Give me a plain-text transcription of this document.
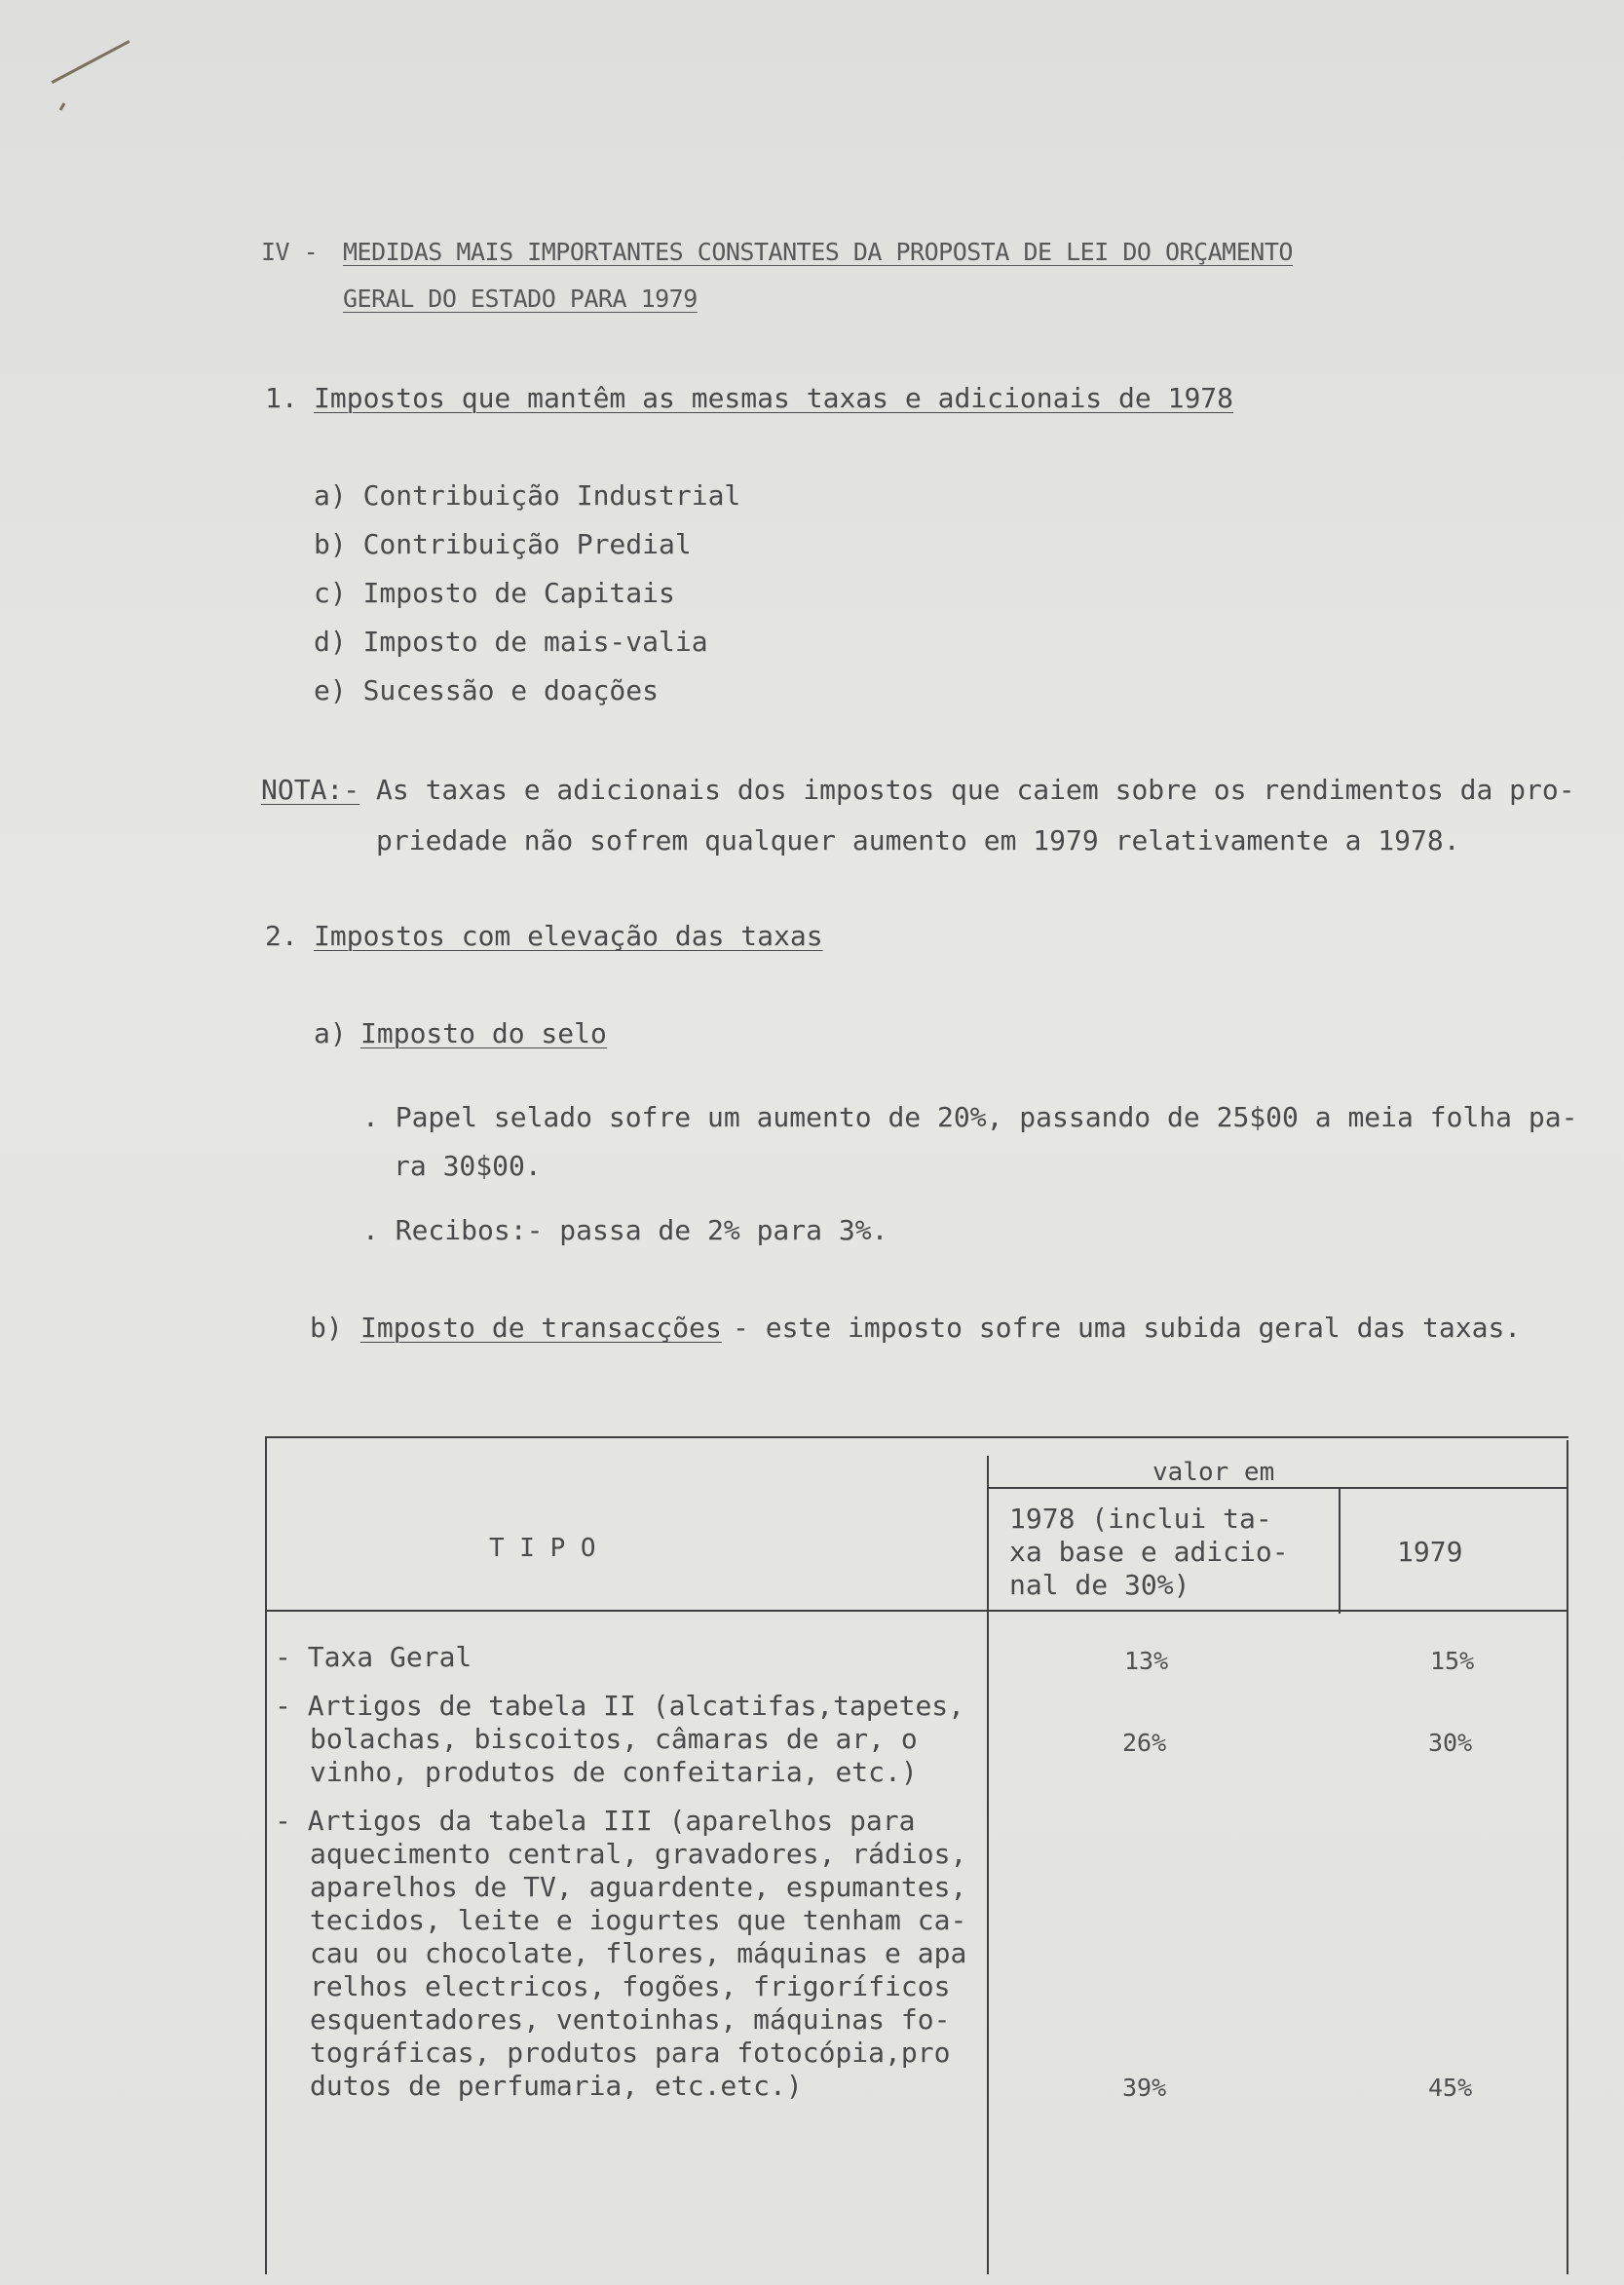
IV - MEDIDAS MAIS IMPORTANTES CONSTANTES DA PROPOSTA DE LEI DO ORÇAMENTO
GERAL DO ESTADO PARA 1979
1. Impostos que mantêm as mesmas taxas e adicionais de 1978
a) Contribuição Industrial
b) Contribuição Predial
c) Imposto de Capitais
d) Imposto de mais-valia
e) Sucessão e doações
NOTA:- As taxas e adicionais dos impostos que caiem sobre os rendimentos da pro-
priedade não sofrem qualquer aumento em 1979 relativamente a 1978.
2. Impostos com elevação das taxas
a) Imposto do selo
. Papel selado sofre um aumento de 20%, passando de 25$00 a meia folha pa-
ra 30$00.
. Recibos:- passa de 2% para 3%.
b) Imposto de transacções - este imposto sofre uma subida geral das taxas.
valor em
T I P O
1978 (inclui ta-
xa base e adicio-
nal de 30%)
1979
- Taxa Geral	13%	15%
- Artigos de tabela II (alcatifas,tapetes,
bolachas, biscoitos, câmaras de ar, o
vinho, produtos de confeitaria, etc.)
26%	30%
- Artigos da tabela III (aparelhos para
aquecimento central, gravadores, rádios,
aparelhos de TV, aguardente, espumantes,
tecidos, leite e iogurtes que tenham ca-
cau ou chocolate, flores, máquinas e apa
relhos electricos, fogões, frigoríficos
esquentadores, ventoinhas, máquinas fo-
tográficas, produtos para fotocópia,pro
dutos de perfumaria, etc.etc.)	39%	45%
